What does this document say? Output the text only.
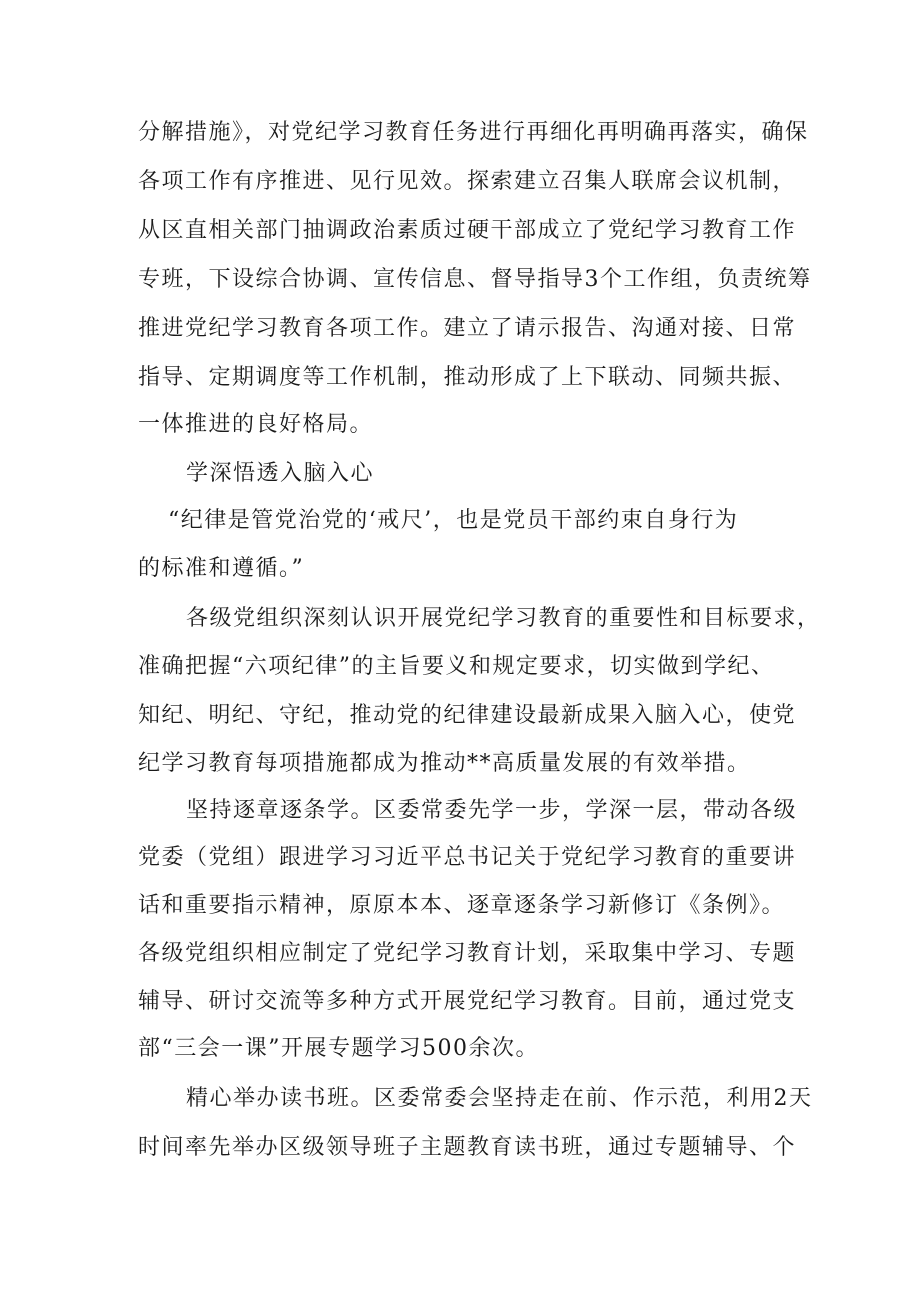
分解措施》，对党纪学习教育任务进行再细化再明确再落实，确保
各项工作有序推进、见行见效。探索建立召集人联席会议机制，
从区直相关部门抽调政治素质过硬干部成立了党纪学习教育工作
专班，下设综合协调、宣传信息、督导指导3个工作组，负责统筹
推进党纪学习教育各项工作。建立了请示报告、沟通对接、日常
指导、定期调度等工作机制，推动形成了上下联动、同频共振、
一体推进的良好格局。
学深悟透入脑入心
“纪律是管党治党的‘戒尺’，也是党员干部约束自身行为
的标准和遵循。”
各级党组织深刻认识开展党纪学习教育的重要性和目标要求，
准确把握“六项纪律”的主旨要义和规定要求，切实做到学纪、
知纪、明纪、守纪，推动党的纪律建设最新成果入脑入心，使党
纪学习教育每项措施都成为推动**高质量发展的有效举措。
坚持逐章逐条学。区委常委先学一步，学深一层，带动各级
党委（党组）跟进学习习近平总书记关于党纪学习教育的重要讲
话和重要指示精神，原原本本、逐章逐条学习新修订《条例》。
各级党组织相应制定了党纪学习教育计划，采取集中学习、专题
辅导、研讨交流等多种方式开展党纪学习教育。目前，通过党支
部“三会一课”开展专题学习500余次。
精心举办读书班。区委常委会坚持走在前、作示范，利用2天
时间率先举办区级领导班子主题教育读书班，通过专题辅导、个
